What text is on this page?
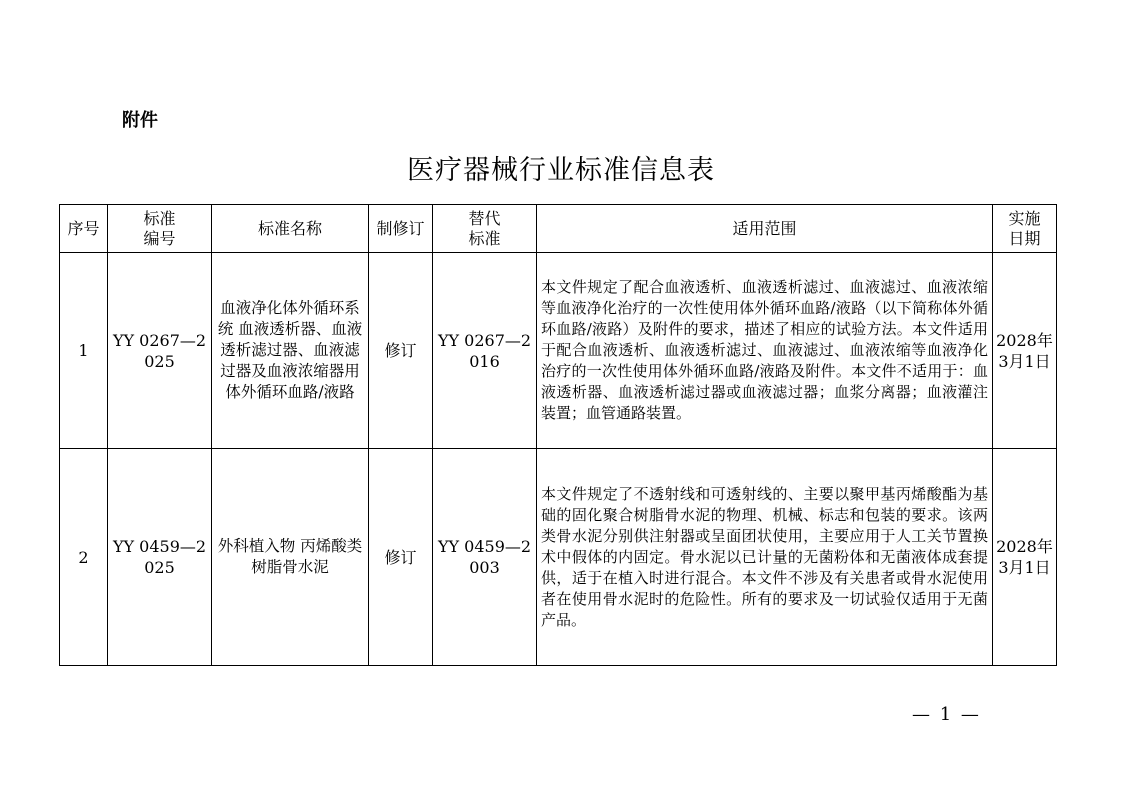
附件
医疗器械行业标准信息表
序号	标准编号	标准名称	制修订	替代标准	适用范围	实施日期

1	YY 0267—2025	血液净化体外循环系统 血液透析器、血液透析滤过器、血液滤过器及血液浓缩器用体外循环血路/液路	修订	YY 0267—2016	本文件规定了配合血液透析、血液透析滤过、血液滤过、血液浓缩等血液净化治疗的一次性使用体外循环血路/液路（以下简称体外循环血路/液路）及附件的要求，描述了相应的试验方法。本文件适用于配合血液透析、血液透析滤过、血液滤过、血液浓缩等血液净化治疗的一次性使用体外循环血路/液路及附件。本文件不适用于：血液透析器、血液透析滤过器或血液滤过器；血浆分离器；血液灌注装置；血管通路装置。	2028年3月1日

2	YY 0459—2025	外科植入物 丙烯酸类树脂骨水泥	修订	YY 0459—2003	本文件规定了不透射线和可透射线的、主要以聚甲基丙烯酸酯为基础的固化聚合树脂骨水泥的物理、机械、标志和包装的要求。该两类骨水泥分别供注射器或呈面团状使用，主要应用于人工关节置换术中假体的内固定。骨水泥以已计量的无菌粉体和无菌液体成套提供，适于在植入时进行混合。本文件不涉及有关患者或骨水泥使用者在使用骨水泥时的危险性。所有的要求及一切试验仅适用于无菌产品。	2028年3月1日
— 1 —
